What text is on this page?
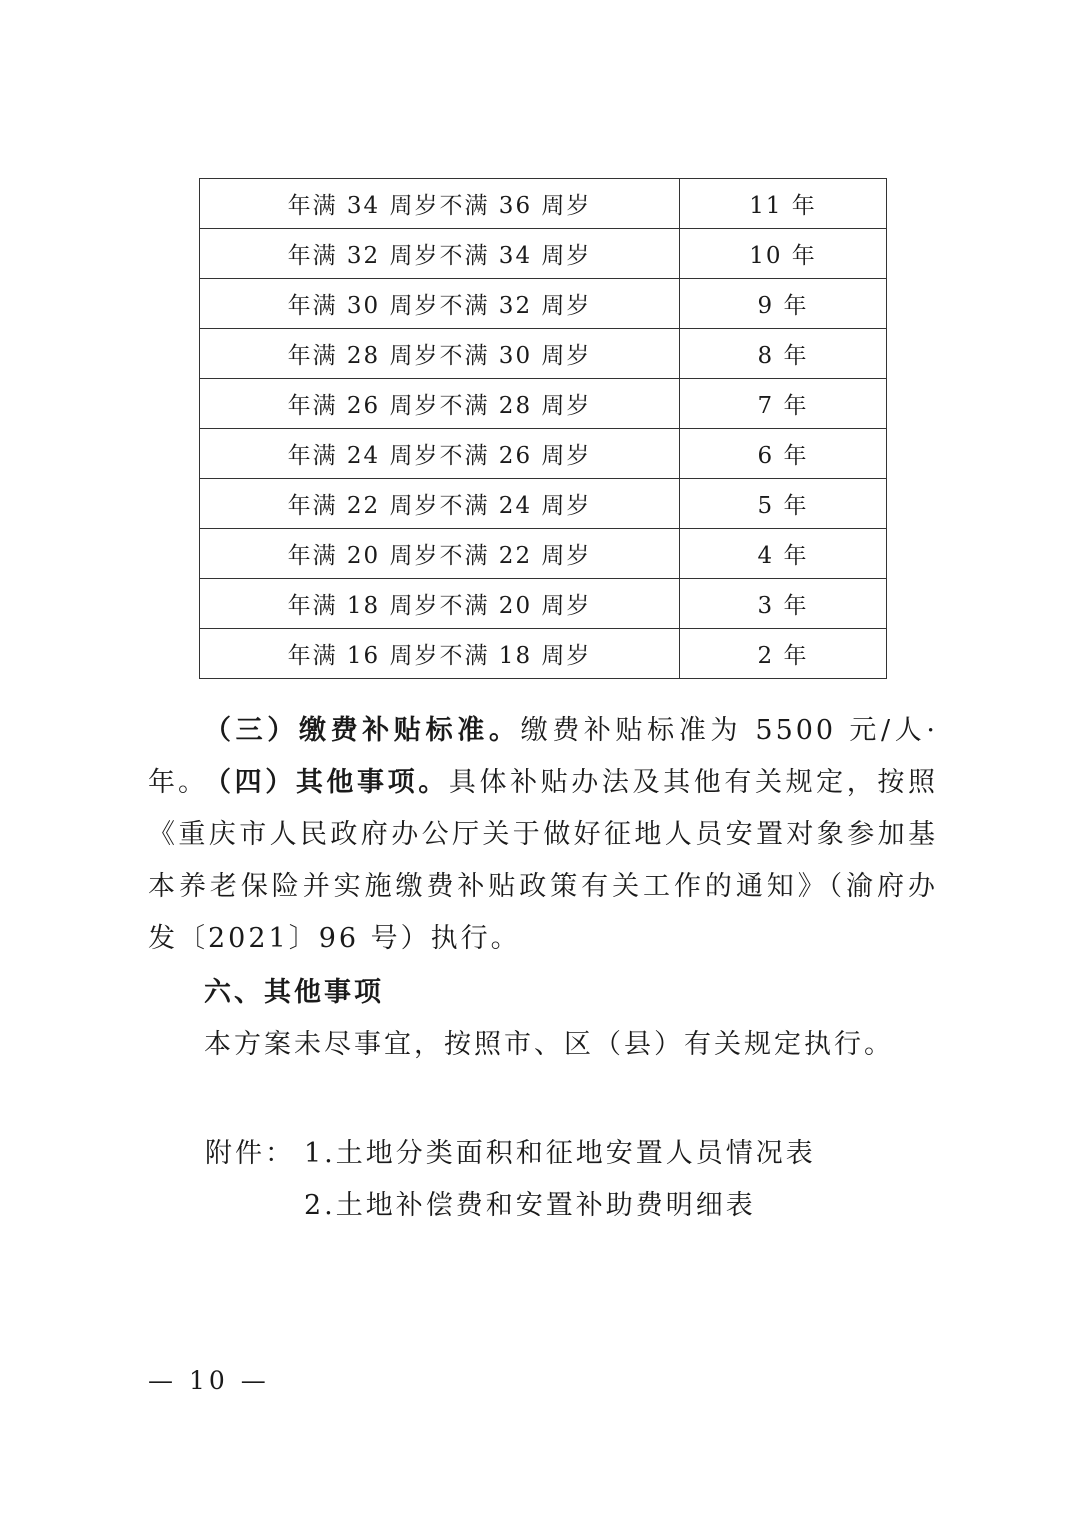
年满 34 周岁不满 36 周岁	11 年
年满 32 周岁不满 34 周岁	10 年
年满 30 周岁不满 32 周岁	9 年
年满 28 周岁不满 30 周岁	8 年
年满 26 周岁不满 28 周岁	7 年
年满 24 周岁不满 26 周岁	6 年
年满 22 周岁不满 24 周岁	5 年
年满 20 周岁不满 22 周岁	4 年
年满 18 周岁不满 20 周岁	3 年
年满 16 周岁不满 18 周岁	2 年

（三）缴费补贴标准。缴费补贴标准为 5500 元/人·年。

（四）其他事项。具体补贴办法及其他有关规定，按照《重庆市人民政府办公厅关于做好征地人员安置对象参加基本养老保险并实施缴费补贴政策有关工作的通知》（渝府办发〔2021〕96 号）执行。

六、其他事项

本方案未尽事宜，按照市、区（县）有关规定执行。

附件： 1.土地分类面积和征地安置人员情况表
2.土地补偿费和安置补助费明细表
— 10 —
